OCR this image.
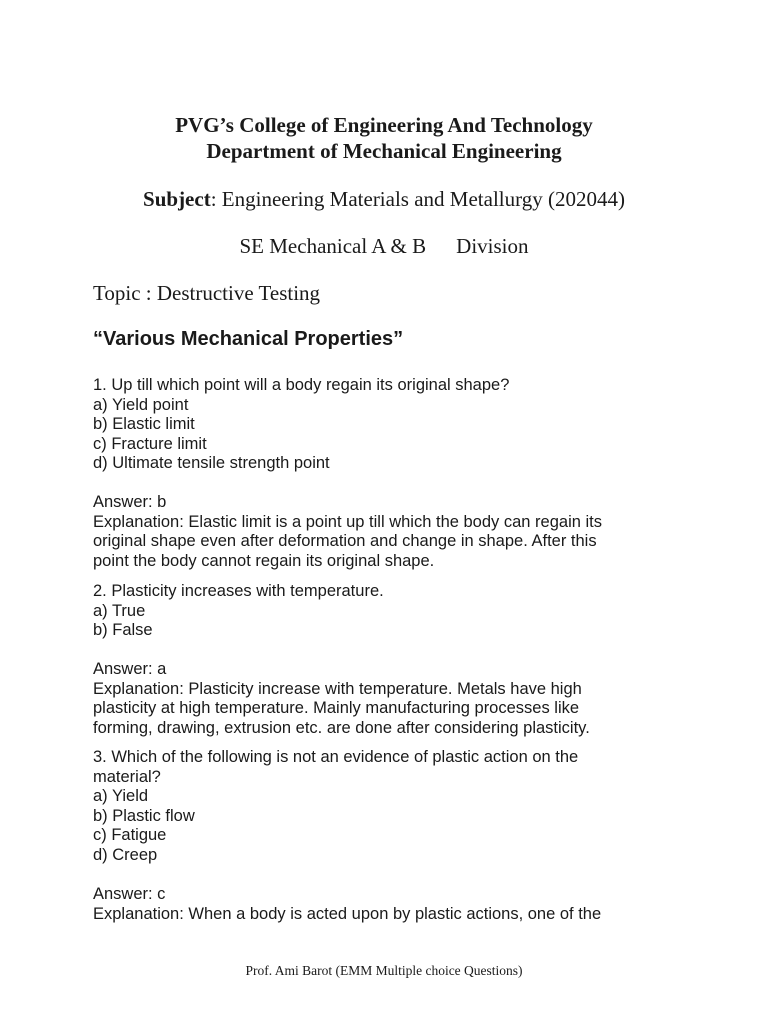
PVG’s College of Engineering And Technology
Department of Mechanical Engineering
Subject: Engineering Materials and Metallurgy (202044)
SE Mechanical A & B Division
Topic : Destructive Testing
“Various Mechanical Properties”
1. Up till which point will a body regain its original shape?
a) Yield point
b) Elastic limit
c) Fracture limit
d) Ultimate tensile strength point
Answer: b
Explanation: Elastic limit is a point up till which the body can regain its
original shape even after deformation and change in shape. After this
point the body cannot regain its original shape.
2. Plasticity increases with temperature.
a) True
b) False
Answer: a
Explanation: Plasticity increase with temperature. Metals have high
plasticity at high temperature. Mainly manufacturing processes like
forming, drawing, extrusion etc. are done after considering plasticity.
3. Which of the following is not an evidence of plastic action on the
material?
a) Yield
b) Plastic flow
c) Fatigue
d) Creep
Answer: c
Explanation: When a body is acted upon by plastic actions, one of the
Prof. Ami Barot (EMM Multiple choice Questions)
